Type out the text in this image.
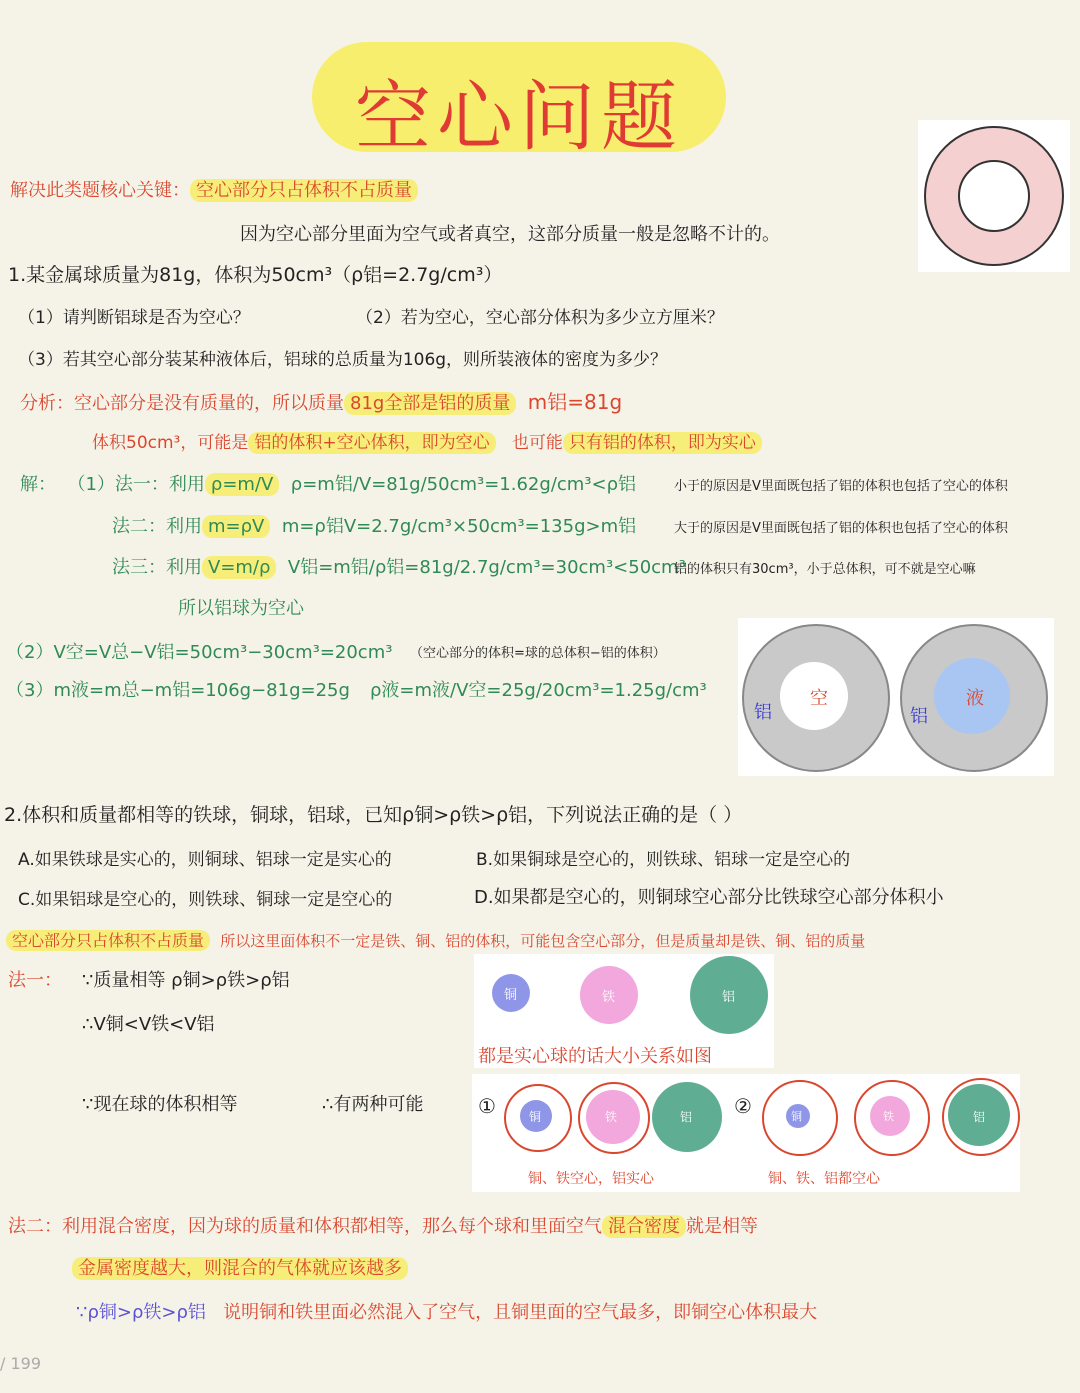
空心问题
解决此类题核心关键： 空心部分只占体积不占质量
因为空心部分里面为空气或者真空，这部分质量一般是忽略不计的。
1.某金属球质量为81g，体积为50cm³（ρ铝=2.7g/cm³）
（1）请判断铝球是否为空心？	（2）若为空心，空心部分体积为多少立方厘米？
（3）若其空心部分装某种液体后，铝球的总质量为106g，则所装液体的密度为多少？
分析：空心部分是没有质量的，所以质量 81g全部是铝的质量 m铝=81g
体积50cm³，可能是 铝的体积+空心体积，即为空心 也可能 只有铝的体积，即为实心
解： （1）法一：利用 ρ=m/V ρ=m铝/V=81g/50cm³=1.62g/cm³<ρ铝	小于的原因是V里面既包括了铝的体积也包括了空心的体积
法二：利用 m=ρV m=ρ铝V=2.7g/cm³×50cm³=135g>m铝	大于的原因是V里面既包括了铝的体积也包括了空心的体积
法三：利用 V=m/ρ V铝=m铝/ρ铝=81g/2.7g/cm³=30cm³<50cm³
铝的体积只有30cm³，小于总体积，可不就是空心嘛
所以铝球为空心
（2）V空=V总−V铝=50cm³−30cm³=20cm³ （空心部分的体积=球的总体积−铝的体积）
（3）m液=m总−m铝=106g−81g=25g ρ液=m液/V空=25g/20cm³=1.25g/cm³
铝
空
铝
液
2.体积和质量都相等的铁球，铜球，铝球，已知ρ铜>ρ铁>ρ铝，下列说法正确的是（ ）
A.如果铁球是实心的，则铜球、铝球一定是实心的	B.如果铜球是空心的，则铁球、铝球一定是空心的
C.如果铝球是空心的，则铁球、铜球一定是空心的	D.如果都是空心的，则铜球空心部分比铁球空心部分体积小
空心部分只占体积不占质量 所以这里面体积不一定是铁、铜、铝的体积，可能包含空心部分，但是质量却是铁、铜、铝的质量
法一： ∵质量相等 ρ铜>ρ铁>ρ铝
∴V铜<V铁<V铝
∵现在球的体积相等	∴有两种可能
铜	铁	铝
都是实心球的话大小关系如图
①	铜	铁	铝
铜、铁空心，铝实心
②	铜	铁	铝
铜、铁、铝都空心
法二：利用混合密度，因为球的质量和体积都相等，那么每个球和里面空气 混合密度 就是相等
金属密度越大，则混合的气体就应该越多
∵ρ铜>ρ铁>ρ铝 说明铜和铁里面必然混入了空气，且铜里面的空气最多，即铜空心体积最大
/ 199
